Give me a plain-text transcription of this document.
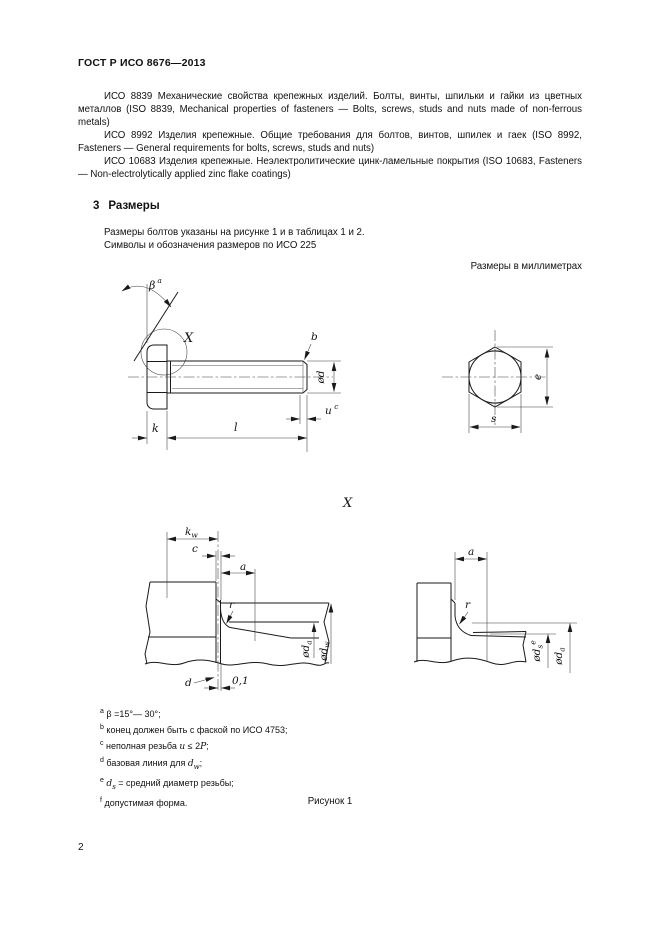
ГОСТ Р ИСО 8676—2013

ИСО 8839 Механические свойства крепежных изделий. Болты, винты, шпильки и гайки из цветных металлов (ISO 8839, Mechanical properties of fasteners — Bolts, screws, studs and nuts made of non-ferrous metals)

ИСО 8992 Изделия крепежные. Общие требования для болтов, винтов, шпилек и гаек (ISO 8992, Fasteners — General requirements for bolts, screws, studs and nuts)

ИСО 10683 Изделия крепежные. Неэлектролитические цинк-ламельные покрытия (ISO 10683, Fasteners — Non-electrolytically applied zinc flake coatings)

3 Размеры

Размеры болтов указаны на рисунке 1 и в таблицах 1 и 2.

Символы и обозначения размеров по ИСО 225

Размеры в миллиметрах
β $^a$
X	b
ød
u $^c$
k	l
e
s
X
$k_w$
c
a
r
$ød_a$
$ød_w$
d	0,1
a
r
$ød_s^e$
$ød_a$
$^a$ β =15°— 30°;
$^b$ конец должен быть с фаской по ИСО 4753;
$^c$ неполная резьба u ≤ 2P;
$^d$ базовая линия для $d_w$;
$^e$ $d_s$ = средний диаметр резьбы;
$^f$ допустимая форма.	Рисунок 1
2
